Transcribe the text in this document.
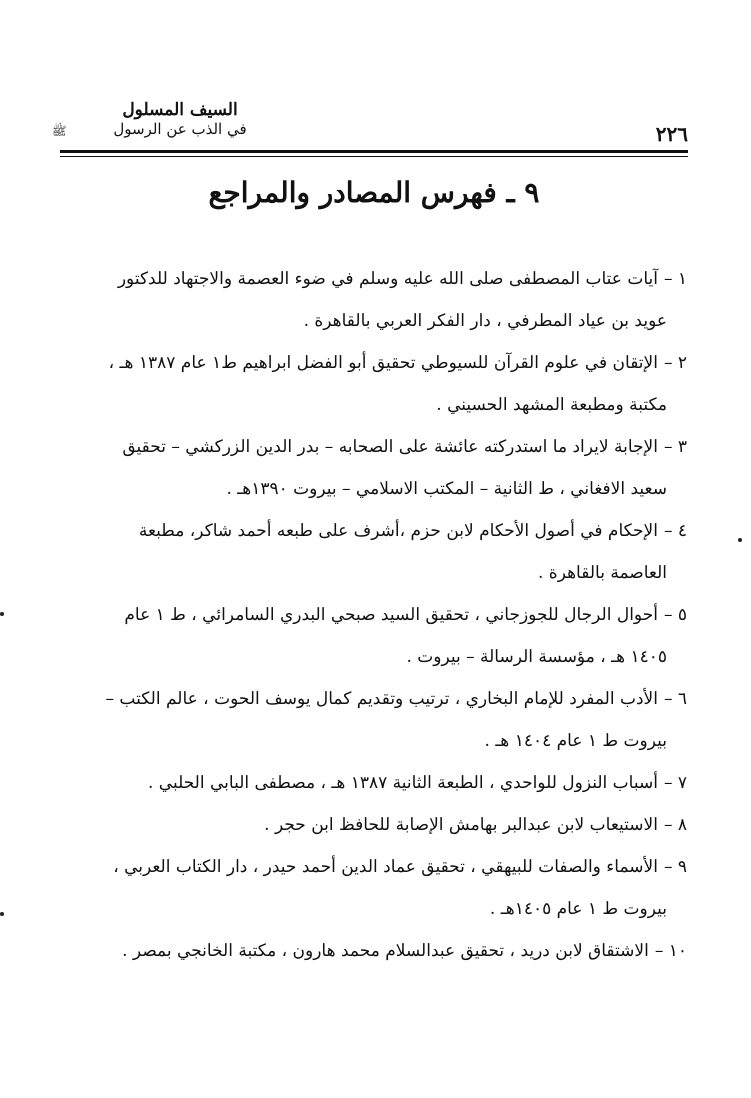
٢٢٦
السيف المسلول
في الذب عن الرسول
ﷺ
٩ ـ فهرس المصادر والمراجع
١ –آيات عتاب المصطفى صلى الله عليه وسلم في ضوء العصمة والاجتهاد للدكتور
عويد بن عياد المطرفي ، دار الفكر العربي بالقاهرة .
٢ –الإتقان في علوم القرآن للسيوطي تحقيق أبو الفضل ابراهيم ط١ عام ١٣٨٧ هـ ،
مكتبة ومطبعة المشهد الحسيني .
٣ –الإجابة لايراد ما استدركته عائشة على الصحابه – بدر الدين الزركشي – تحقيق
سعيد الافغاني ، ط الثانية – المكتب الاسلامي – بيروت ١٣٩٠هـ .
٤ –الإحكام في أصول الأحكام لابن حزم ،أشرف على طبعه أحمد شاكر، مطبعة
العاصمة بالقاهرة .
٥ –أحوال الرجال للجوزجاني ، تحقيق السيد صبحي البدري السامرائي ، ط ١ عام
١٤٠٥ هـ ، مؤسسة الرسالة – بيروت .
٦ –الأدب المفرد للإمام البخاري ، ترتيب وتقديم كمال يوسف الحوت ، عالم الكتب –
بيروت ط ١ عام ١٤٠٤ هـ .
٧ –أسباب النزول للواحدي ، الطبعة الثانية ١٣٨٧ هـ ، مصطفى البابي الحلبي .
٨ –الاستيعاب لابن عبدالبر بهامش الإصابة للحافظ ابن حجر .
٩ –الأسماء والصفات للبيهقي ، تحقيق عماد الدين أحمد حيدر ، دار الكتاب العربي ،
بيروت ط ١ عام ١٤٠٥هـ .
١٠ –الاشتقاق لابن دريد ، تحقيق عبدالسلام محمد هارون ، مكتبة الخانجي بمصر .
